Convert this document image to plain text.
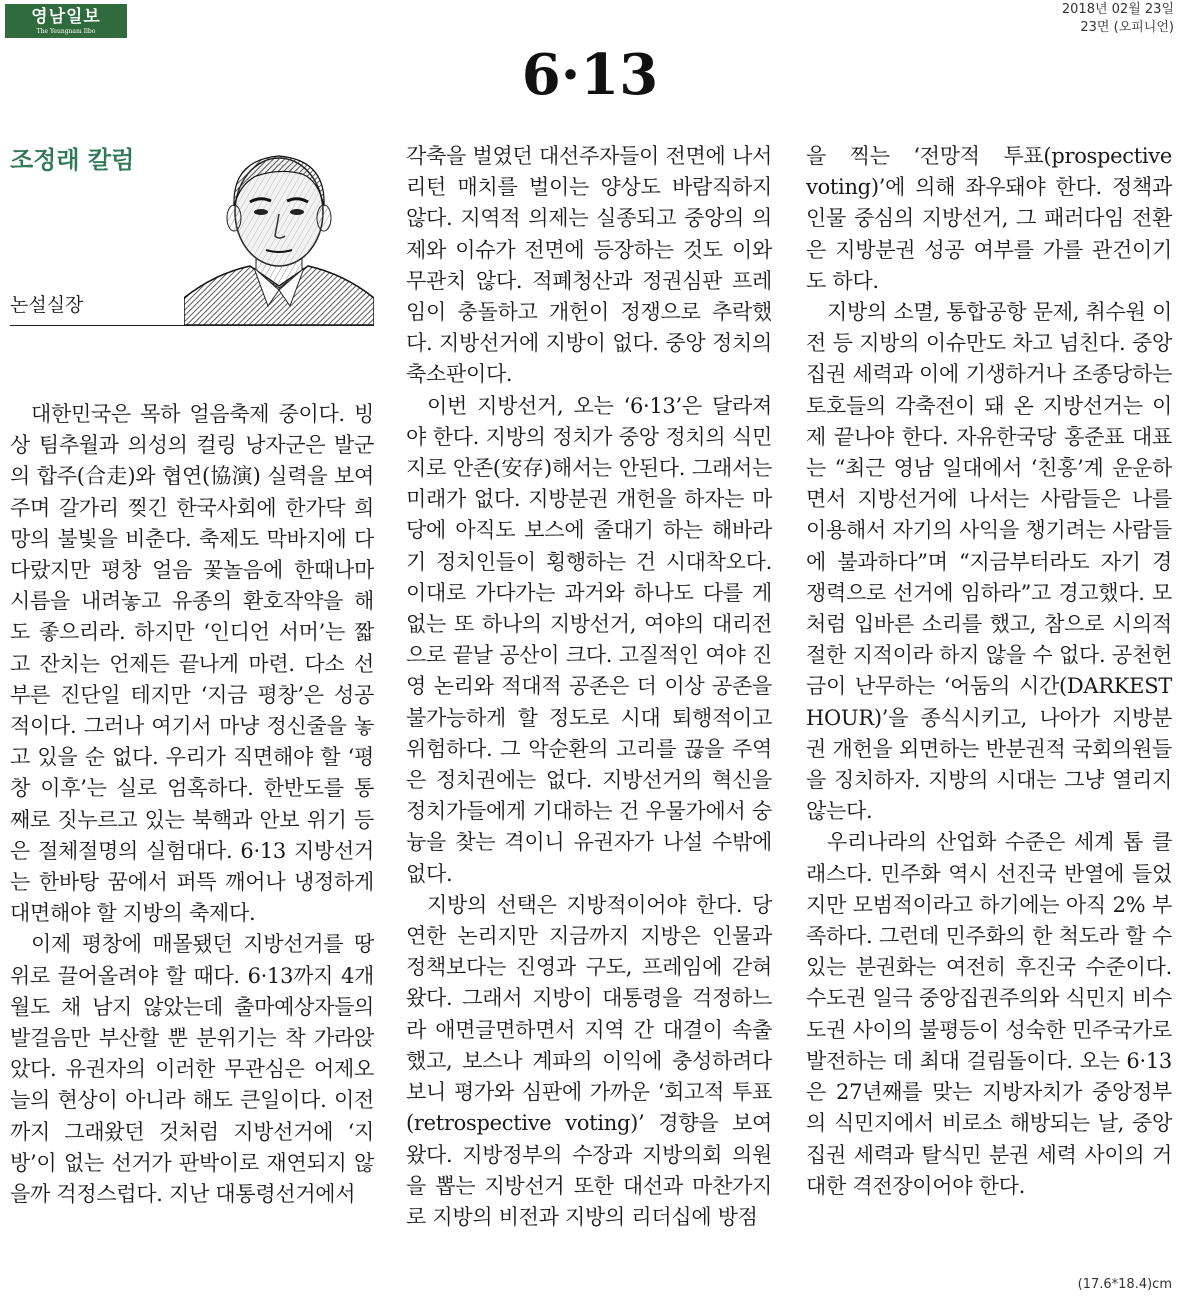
영남일보
The Yeungnam Ilbo
2018년 02월 23일
23면 (오피니언)
6·13
조정래 칼럼
논설실장

대한민국은 목하 얼음축제 중이다. 빙상 팀추월과 의성의 컬링 낭자군은 발군의 합주(合走)와 협연(協演) 실력을 보여주며 갈가리 찢긴 한국사회에 한가닥 희망의 불빛을 비춘다. 축제도 막바지에 다다랐지만 평창 얼음 꽃놀음에 한때나마 시름을 내려놓고 유종의 환호작약을 해도 좋으리라. 하지만 ‘인디언 서머’는 짧고 잔치는 언제든 끝나게 마련. 다소 선부른 진단일 테지만 ‘지금 평창’은 성공적이다. 그러나 여기서 마냥 정신줄을 놓고 있을 순 없다. 우리가 직면해야 할 ‘평창 이후’는 실로 엄혹하다. 한반도를 통째로 짓누르고 있는 북핵과 안보 위기 등은 절체절명의 실험대다. 6·13 지방선거는 한바탕 꿈에서 퍼뜩 깨어나 냉정하게 대면해야 할 지방의 축제다.

이제 평창에 매몰됐던 지방선거를 땅위로 끌어올려야 할 때다. 6·13까지 4개월도 채 남지 않았는데 출마예상자들의 발걸음만 부산할 뿐 분위기는 착 가라앉았다. 유권자의 이러한 무관심은 어제오늘의 현상이 아니라 해도 큰일이다. 이전까지 그래왔던 것처럼 지방선거에 ‘지방’이 없는 선거가 판박이로 재연되지 않을까 걱정스럽다. 지난 대통령선거에서

각축을 벌였던 대선주자들이 전면에 나서 리턴 매치를 벌이는 양상도 바람직하지 않다. 지역적 의제는 실종되고 중앙의 의제와 이슈가 전면에 등장하는 것도 이와 무관치 않다. 적폐청산과 정권심판 프레임이 충돌하고 개헌이 정쟁으로 추락했다. 지방선거에 지방이 없다. 중앙 정치의 축소판이다.

이번 지방선거, 오는 ‘6·13’은 달라져야 한다. 지방의 정치가 중앙 정치의 식민지로 안존(安存)해서는 안된다. 그래서는 미래가 없다. 지방분권 개헌을 하자는 마당에 아직도 보스에 줄대기 하는 해바라기 정치인들이 횡행하는 건 시대착오다. 이대로 가다가는 과거와 하나도 다를 게 없는 또 하나의 지방선거, 여야의 대리전으로 끝날 공산이 크다. 고질적인 여야 진영 논리와 적대적 공존은 더 이상 공존을 불가능하게 할 정도로 시대 퇴행적이고 위험하다. 그 악순환의 고리를 끊을 주역은 정치권에는 없다. 지방선거의 혁신을 정치가들에게 기대하는 건 우물가에서 숭늉을 찾는 격이니 유권자가 나설 수밖에 없다.

지방의 선택은 지방적이어야 한다. 당연한 논리지만 지금까지 지방은 인물과 정책보다는 진영과 구도, 프레임에 갇혀 왔다. 그래서 지방이 대통령을 걱정하느라 애면글면하면서 지역 간 대결이 속출했고, 보스나 계파의 이익에 충성하려다 보니 평가와 심판에 가까운 ‘회고적 투표(retrospective voting)’ 경향을 보여 왔다. 지방정부의 수장과 지방의회 의원을 뽑는 지방선거 또한 대선과 마찬가지로 지방의 비전과 지방의 리더십에 방점

을 찍는 ‘전망적 투표(prospective voting)’에 의해 좌우돼야 한다. 정책과 인물 중심의 지방선거, 그 패러다임 전환은 지방분권 성공 여부를 가를 관건이기도 하다.

지방의 소멸, 통합공항 문제, 취수원 이전 등 지방의 이슈만도 차고 넘친다. 중앙집권 세력과 이에 기생하거나 조종당하는 토호들의 각축전이 돼 온 지방선거는 이제 끝나야 한다. 자유한국당 홍준표 대표는 “최근 영남 일대에서 ‘친홍’계 운운하면서 지방선거에 나서는 사람들은 나를 이용해서 자기의 사익을 챙기려는 사람들에 불과하다”며 “지금부터라도 자기 경쟁력으로 선거에 임하라”고 경고했다. 모처럼 입바른 소리를 했고, 참으로 시의적절한 지적이라 하지 않을 수 없다. 공천헌금이 난무하는 ‘어둠의 시간(DARKEST HOUR)’을 종식시키고, 나아가 지방분권 개헌을 외면하는 반분권적 국회의원들을 징치하자. 지방의 시대는 그냥 열리지 않는다.

우리나라의 산업화 수준은 세계 톱 클래스다. 민주화 역시 선진국 반열에 들었지만 모범적이라고 하기에는 아직 2% 부족하다. 그런데 민주화의 한 척도라 할 수 있는 분권화는 여전히 후진국 수준이다. 수도권 일극 중앙집권주의와 식민지 비수도권 사이의 불평등이 성숙한 민주국가로 발전하는 데 최대 걸림돌이다. 오는 6·13은 27년째를 맞는 지방자치가 중앙정부의 식민지에서 비로소 해방되는 날, 중앙집권 세력과 탈식민 분권 세력 사이의 거대한 격전장이어야 한다.

(17.6*18.4)cm
